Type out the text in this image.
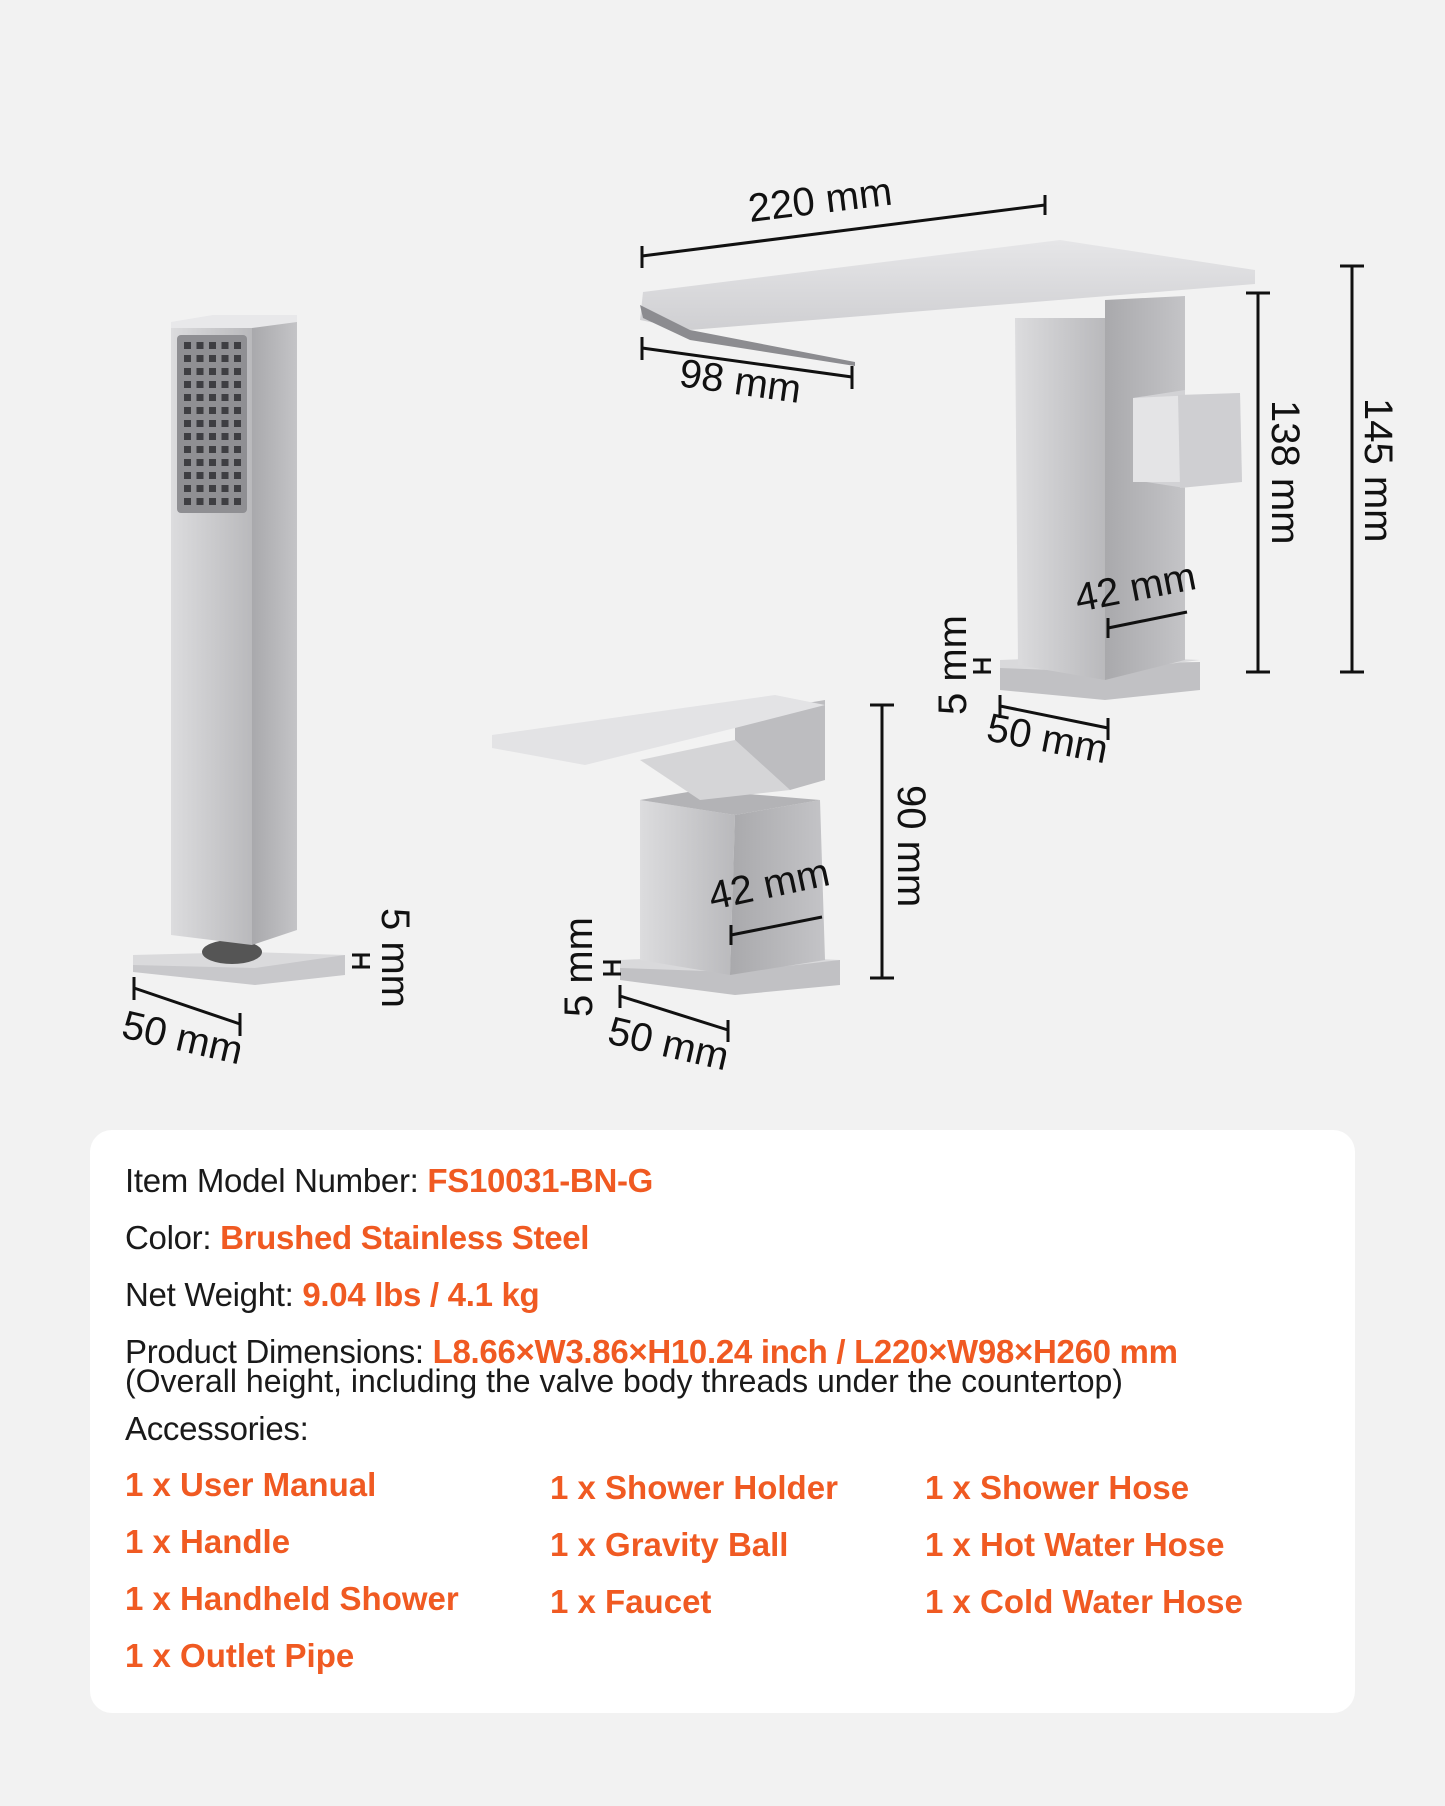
220 mm
98 mm
138 mm 145 mm
42 mm
5 mm
50 mm
90 mm
42 mm
5 mm
50 mm
5 mm
50 mm
Item Model Number: FS10031-BN-G
Color: Brushed Stainless Steel
Net Weight: 9.04 lbs / 4.1 kg
Product Dimensions: L8.66×W3.86×H10.24 inch / L220×W98×H260 mm
(Overall height, including the valve body threads under the countertop)
Accessories:
1 x User Manual
1 x Handle
1 x Handheld Shower
1 x Outlet Pipe
1 x Shower Holder
1 x Gravity Ball
1 x Faucet
1 x Shower Hose
1 x Hot Water Hose
1 x Cold Water Hose
